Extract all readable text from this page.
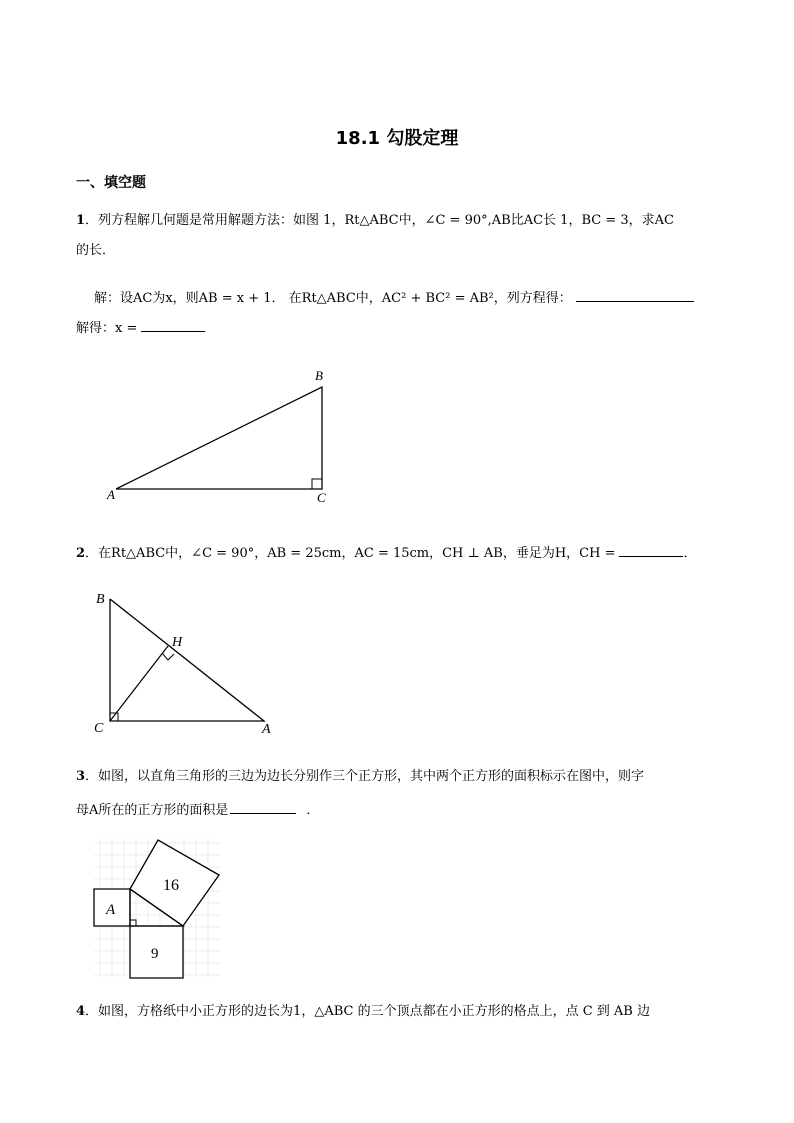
18.1 勾股定理
一、填空题
1．列方程解几何题是常用解题方法：如图 1，Rt△ABC中，∠C = 90°,AB比AC长 1，BC = 3，求AC
的长．
解：设AC为x，则AB = x + 1． 在Rt△ABC中，AC² + BC² = AB²，列方程得：
解得：x =
A
B
C
2．在Rt△ABC中，∠C = 90°，AB = 25cm，AC = 15cm，CH ⊥ AB，垂足为H，CH =	．
B
H
C	A
3．如图，以直角三角形的三边为边长分别作三个正方形，其中两个正方形的面积标示在图中，则字
母A所在的正方形的面积是	．
A
16
9
4．如图，方格纸中小正方形的边长为1，△ABC 的三个顶点都在小正方形的格点上，点 C 到 AB 边
